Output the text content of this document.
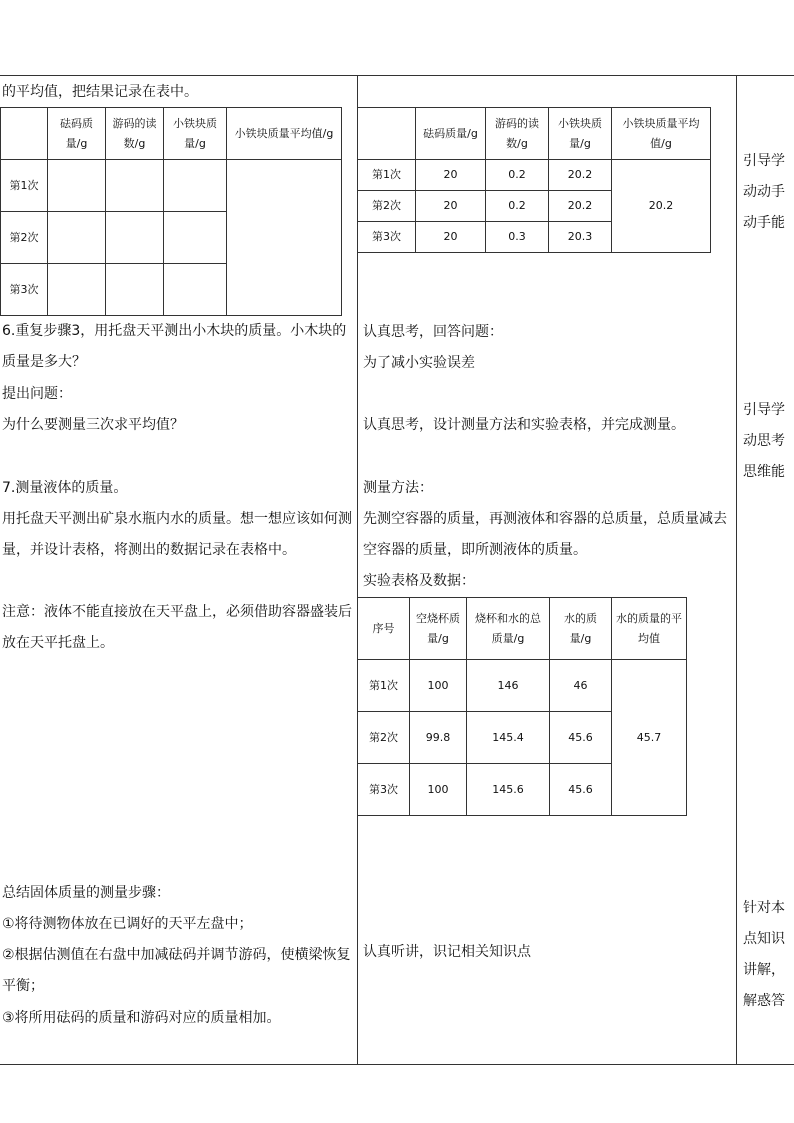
的平均值，把结果记录在表中。
	砝码质量/g	游码的读数/g	小铁块质量/g	小铁块质量平均值/g
第1次				
第2次				
第3次				
6.重复步骤3，用托盘天平测出小木块的质量。小木块的质量是多大？
提出问题：
为什么要测量三次求平均值？
7.测量液体的质量。
用托盘天平测出矿泉水瓶内水的质量。想一想应该如何测量，并设计表格，将测出的数据记录在表格中。
注意：液体不能直接放在天平盘上，必须借助容器盛装后放在天平托盘上。
总结固体质量的测量步骤：
①将待测物体放在已调好的天平左盘中；
②根据估测值在右盘中加减砝码并调节游码，使横梁恢复平衡；
③将所用砝码的质量和游码对应的质量相加。
	砝码质量/g	游码的读数/g	小铁块质量/g	小铁块质量平均值/g
第1次	20	0.2	20.2	20.2
第2次	20	0.2	20.2	
第3次	20	0.3	20.3	
认真思考，回答问题：
为了减小实验误差
认真思考，设计测量方法和实验表格，并完成测量。
测量方法：
先测空容器的质量，再测液体和容器的总质量，总质量减去空容器的质量，即所测液体的质量。
实验表格及数据：
序号	空烧杯质量/g	烧杯和水的总质量/g	水的质量/g	水的质量的平均值
第1次	100	146	46	45.7
第2次	99.8	145.4	45.6	
第3次	100	145.6	45.6	
认真听讲，识记相关知识点
引导学
动动手
动手能
引导学
动思考
思维能
针对本
点知识
讲解，
解惑答
